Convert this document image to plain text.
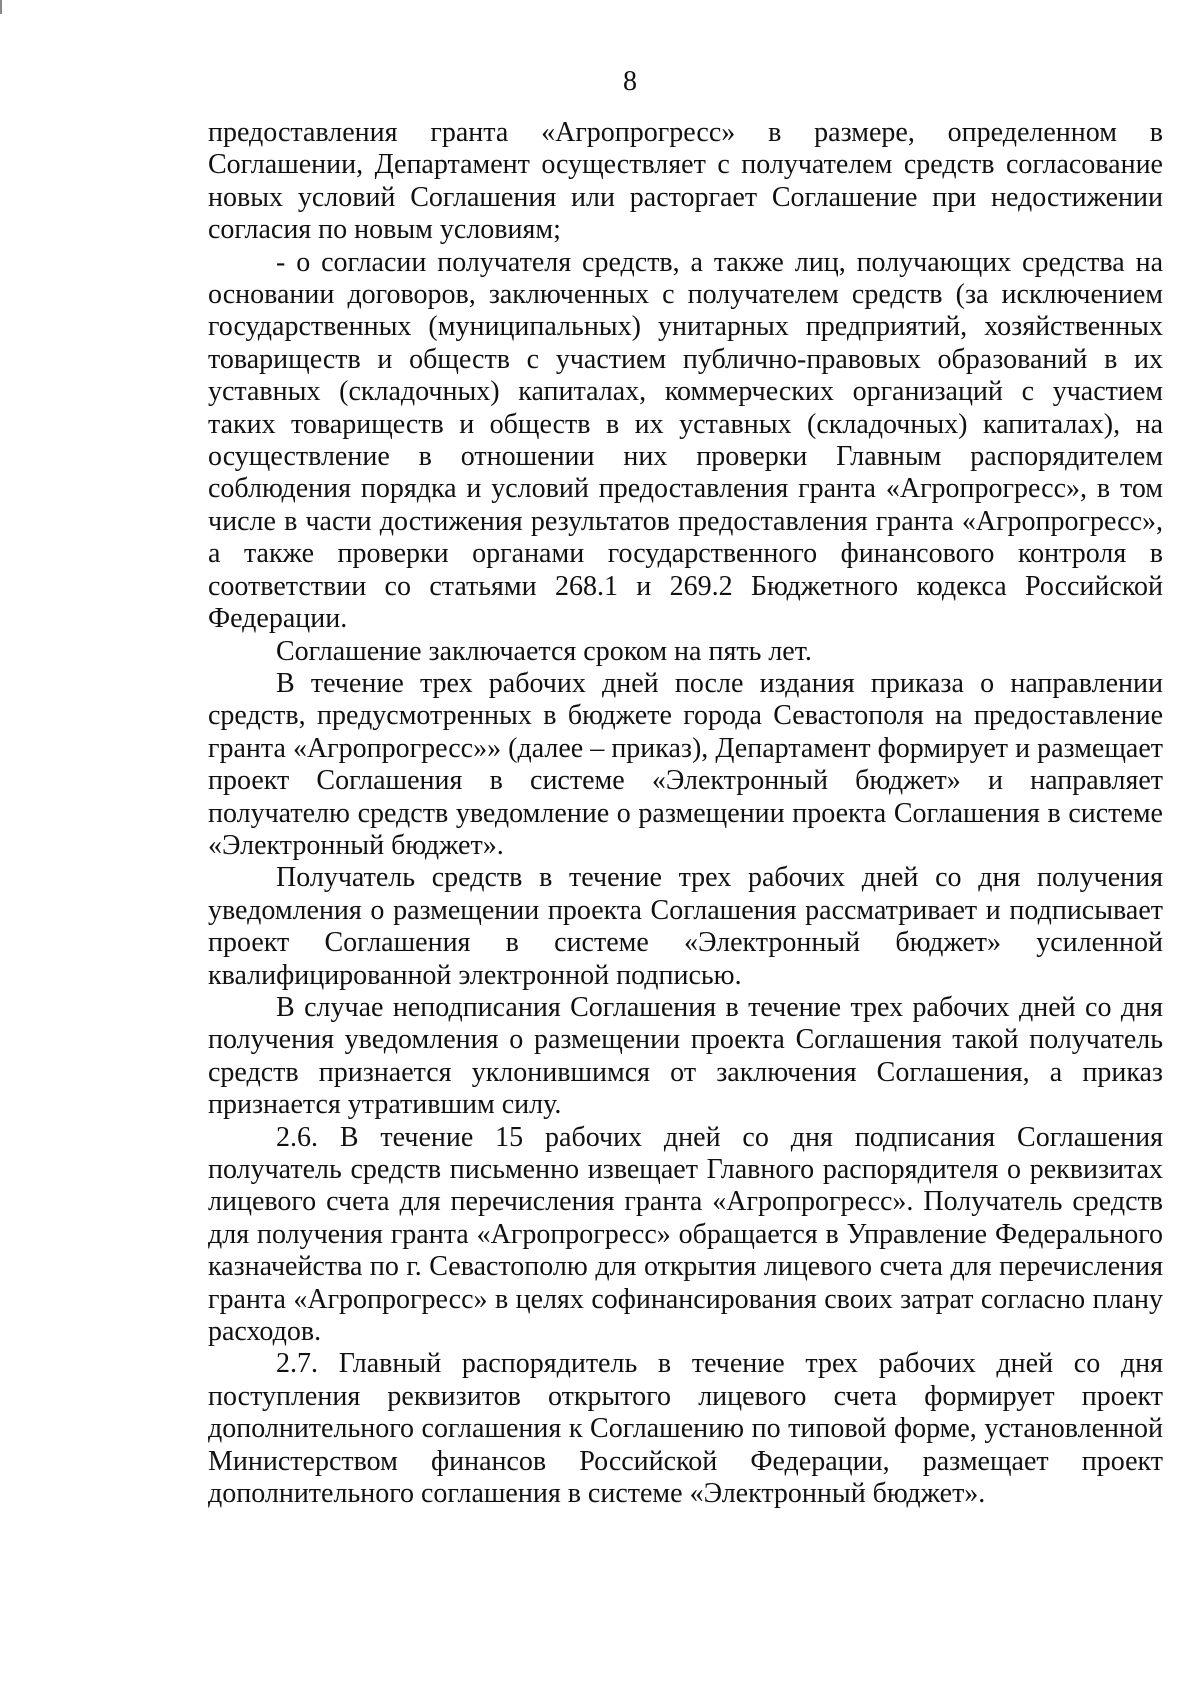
8

предоставления гранта «Агропрогресс» в размере, определенном в Соглашении, Департамент осуществляет с получателем средств согласование новых условий Соглашения или расторгает Соглашение при недостижении согласия по новым условиям;

- о согласии получателя средств, а также лиц, получающих средства на основании договоров, заключенных с получателем средств (за исключением государственных (муниципальных) унитарных предприятий, хозяйственных товариществ и обществ с участием публично-правовых образований в их уставных (складочных) капиталах, коммерческих организаций с участием таких товариществ и обществ в их уставных (складочных) капиталах), на осуществление в отношении них проверки Главным распорядителем соблюдения порядка и условий предоставления гранта «Агропрогресс», в том числе в части достижения результатов предоставления гранта «Агропрогресс», а также проверки органами государственного финансового контроля в соответствии со статьями 268.1 и 269.2 Бюджетного кодекса Российской Федерации.

Соглашение заключается сроком на пять лет.

В течение трех рабочих дней после издания приказа о направлении средств, предусмотренных в бюджете города Севастополя на предоставление гранта «Агропрогресс»» (далее – приказ), Департамент формирует и размещает проект Соглашения в системе «Электронный бюджет» и направляет получателю средств уведомление о размещении проекта Соглашения в системе «Электронный бюджет».

Получатель средств в течение трех рабочих дней со дня получения уведомления о размещении проекта Соглашения рассматривает и подписывает проект Соглашения в системе «Электронный бюджет» усиленной квалифицированной электронной подписью.

В случае неподписания Соглашения в течение трех рабочих дней со дня получения уведомления о размещении проекта Соглашения такой получатель средств признается уклонившимся от заключения Соглашения, а приказ признается утратившим силу.

2.6. В течение 15 рабочих дней со дня подписания Соглашения получатель средств письменно извещает Главного распорядителя о реквизитах лицевого счета для перечисления гранта «Агропрогресс». Получатель средств для получения гранта «Агропрогресс» обращается в Управление Федерального казначейства по г. Севастополю для открытия лицевого счета для перечисления гранта «Агропрогресс» в целях софинансирования своих затрат согласно плану расходов.

2.7. Главный распорядитель в течение трех рабочих дней со дня поступления реквизитов открытого лицевого счета формирует проект дополнительного соглашения к Соглашению по типовой форме, установленной Министерством финансов Российской Федерации, размещает проект дополнительного соглашения в системе «Электронный бюджет».
